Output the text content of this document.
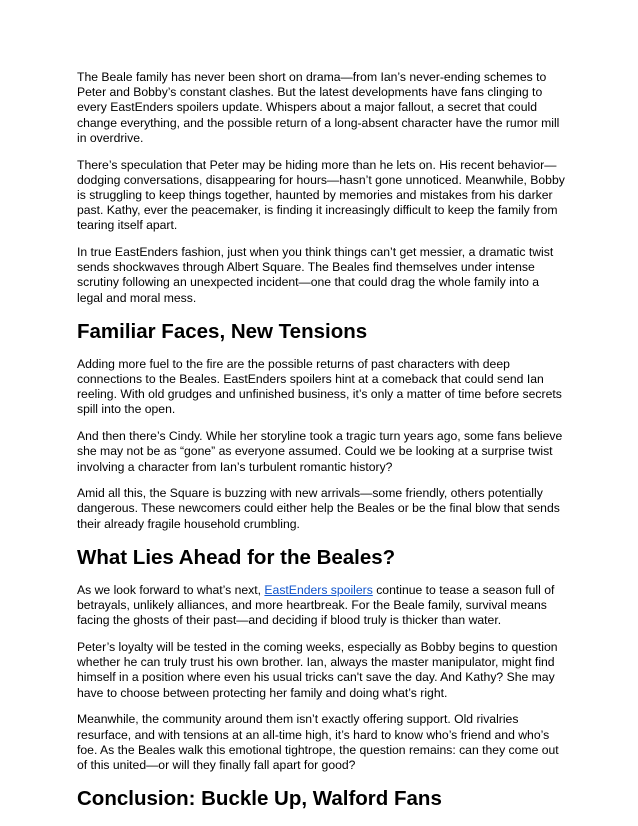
The Beale family has never been short on drama—from Ian’s never-ending schemes to Peter and Bobby’s constant clashes. But the latest developments have fans clinging to every EastEnders spoilers update. Whispers about a major fallout, a secret that could change everything, and the possible return of a long-absent character have the rumor mill in overdrive.

There’s speculation that Peter may be hiding more than he lets on. His recent behavior—dodging conversations, disappearing for hours—hasn’t gone unnoticed. Meanwhile, Bobby is struggling to keep things together, haunted by memories and mistakes from his darker past. Kathy, ever the peacemaker, is finding it increasingly difficult to keep the family from tearing itself apart.

In true EastEnders fashion, just when you think things can’t get messier, a dramatic twist sends shockwaves through Albert Square. The Beales find themselves under intense scrutiny following an unexpected incident—one that could drag the whole family into a legal and moral mess.

Familiar Faces, New Tensions

Adding more fuel to the fire are the possible returns of past characters with deep connections to the Beales. EastEnders spoilers hint at a comeback that could send Ian reeling. With old grudges and unfinished business, it’s only a matter of time before secrets spill into the open.

And then there’s Cindy. While her storyline took a tragic turn years ago, some fans believe she may not be as “gone” as everyone assumed. Could we be looking at a surprise twist involving a character from Ian’s turbulent romantic history?

Amid all this, the Square is buzzing with new arrivals—some friendly, others potentially dangerous. These newcomers could either help the Beales or be the final blow that sends their already fragile household crumbling.

What Lies Ahead for the Beales?

As we look forward to what’s next, EastEnders spoilers continue to tease a season full of betrayals, unlikely alliances, and more heartbreak. For the Beale family, survival means facing the ghosts of their past—and deciding if blood truly is thicker than water.

Peter’s loyalty will be tested in the coming weeks, especially as Bobby begins to question whether he can truly trust his own brother. Ian, always the master manipulator, might find himself in a position where even his usual tricks can't save the day. And Kathy? She may have to choose between protecting her family and doing what’s right.

Meanwhile, the community around them isn’t exactly offering support. Old rivalries resurface, and with tensions at an all-time high, it’s hard to know who’s friend and who’s foe. As the Beales walk this emotional tightrope, the question remains: can they come out of this united—or will they finally fall apart for good?

Conclusion: Buckle Up, Walford Fans
